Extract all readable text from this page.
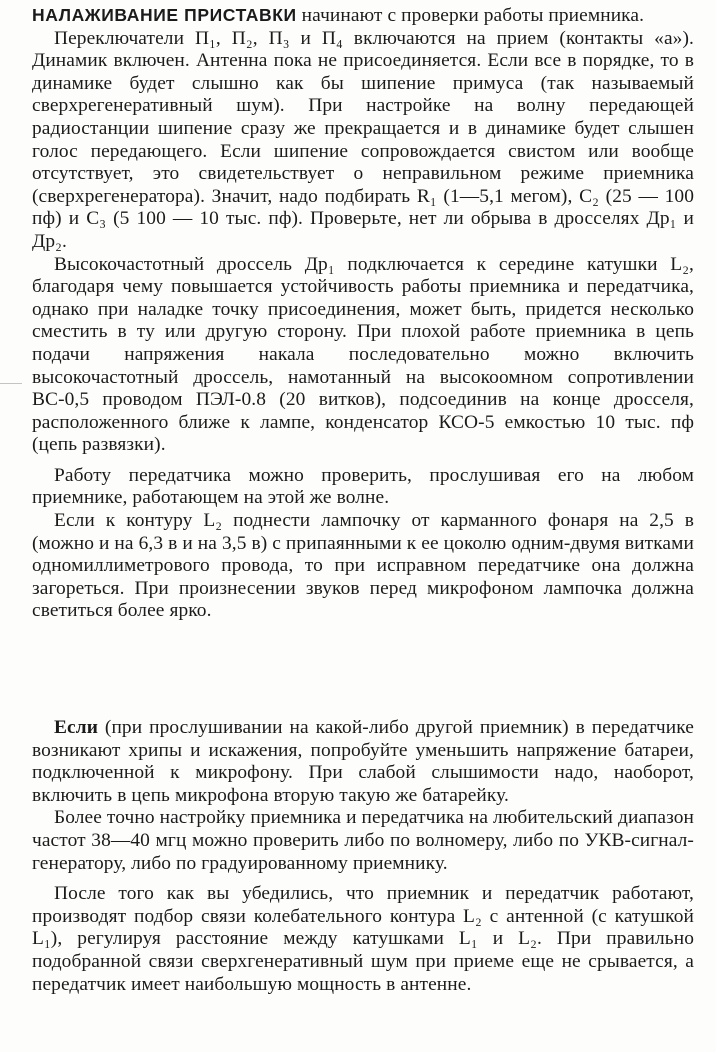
НАЛАЖИВАНИЕ ПРИСТАВКИ начинают с проверки работы приемника.

Переключатели П₁, П₂, П₃ и П₄ включаются на прием (контакты «а»). Динамик включен. Антенна пока не присоединяется. Если все в порядке, то в динамике будет слышно как бы шипение примуса (так называемый сверхрегенеративный шум). При настройке на волну передающей радиостанции шипение сразу же прекращается и в динамике будет слышен голос передающего. Если шипение сопровождается свистом или вообще отсутствует, это свидетельствует о неправильном режиме приемника (сверхрегенератора). Значит, надо подбирать R₁ (1—5,1 мегом), С₂ (25 — 100 пф) и С₃ (5 100 — 10 тыс. пф). Проверьте, нет ли обрыва в дросселях Др₁ и Др₂.

Высокочастотный дроссель Др₁ подключается к середине катушки L₂, благодаря чему повышается устойчивость работы приемника и передатчика, однако при наладке точку присоединения, может быть, придется несколько сместить в ту или другую сторону. При плохой работе приемника в цепь подачи напряжения накала последовательно можно включить высокочастотный дроссель, намотанный на высокоомном сопротивлении ВС-0,5 проводом ПЭЛ-0.8 (20 витков), подсоединив на конце дросселя, расположенного ближе к лампе, конденсатор КСО-5 емкостью 10 тыс. пф (цепь развязки).

Работу передатчика можно проверить, прослушивая его на любом приемнике, работающем на этой же волне.

Если к контуру L₂ поднести лампочку от карманного фонаря на 2,5 в (можно и на 6,3 в и на 3,5 в) с припаянными к ее цоколю одним-двумя витками одномиллиметрового провода, то при исправном передатчике она должна загореться. При произнесении звуков перед микрофоном лампочка должна светиться более ярко.

Если (при прослушивании на какой-либо другой приемник) в передатчике возникают хрипы и искажения, попробуйте уменьшить напряжение батареи, подключенной к микрофону. При слабой слышимости надо, наоборот, включить в цепь микрофона вторую такую же батарейку.

Более точно настройку приемника и передатчика на любительский диапазон частот 38—40 мгц можно проверить либо по волномеру, либо по УКВ-сигнал-генератору, либо по градуированному приемнику.

После того как вы убедились, что приемник и передатчик работают, производят подбор связи колебательного контура L₂ с антенной (с катушкой L₁), регулируя расстояние между катушками L₁ и L₂. При правильно подобранной связи сверхгенеративный шум при приеме еще не срывается, а передатчик имеет наибольшую мощность в антенне.
